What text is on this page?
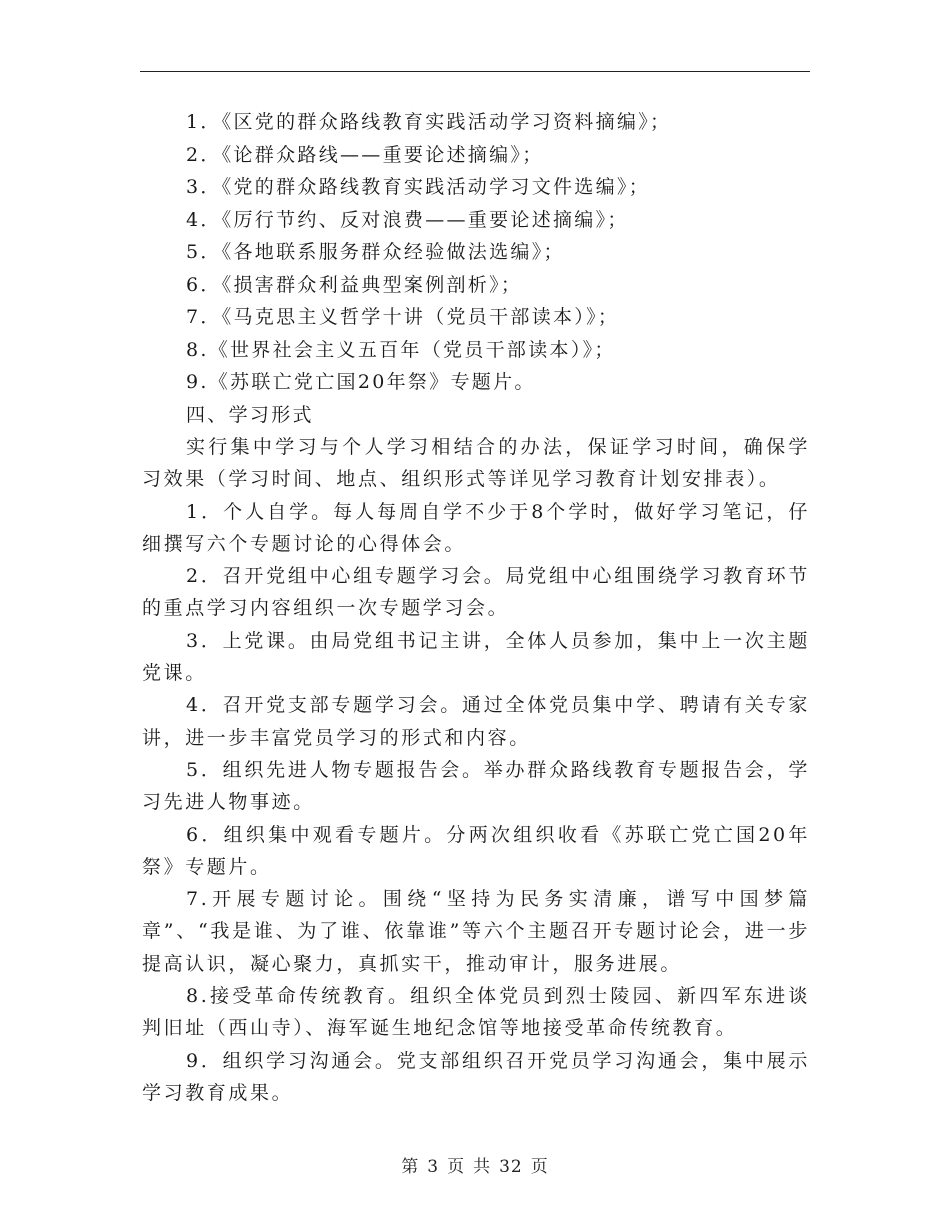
1．《区党的群众路线教育实践活动学习资料摘编》；
2．《论群众路线——重要论述摘编》；
3．《党的群众路线教育实践活动学习文件选编》；
4．《厉行节约、反对浪费——重要论述摘编》；
5．《各地联系服务群众经验做法选编》；
6．《损害群众利益典型案例剖析》；
7．《马克思主义哲学十讲（党员干部读本）》；
8.《世界社会主义五百年（党员干部读本）》；
9.《苏联亡党亡国20年祭》专题片。
四、学习形式

实行集中学习与个人学习相结合的办法，保证学习时间，确保学习效果（学习时间、地点、组织形式等详见学习教育计划安排表）。

1．个人自学。每人每周自学不少于8个学时，做好学习笔记，仔细撰写六个专题讨论的心得体会。

2．召开党组中心组专题学习会。局党组中心组围绕学习教育环节的重点学习内容组织一次专题学习会。

3．上党课。由局党组书记主讲，全体人员参加，集中上一次主题党课。

4．召开党支部专题学习会。通过全体党员集中学、聘请有关专家讲，进一步丰富党员学习的形式和内容。

5．组织先进人物专题报告会。举办群众路线教育专题报告会，学习先进人物事迹。

6．组织集中观看专题片。分两次组织收看《苏联亡党亡国20年祭》专题片。

7.开展专题讨论。围绕“坚持为民务实清廉，谱写中国梦篇章”、“我是谁、为了谁、依靠谁”等六个主题召开专题讨论会，进一步提高认识，凝心聚力，真抓实干，推动审计，服务进展。

8.接受革命传统教育。组织全体党员到烈士陵园、新四军东进谈判旧址（西山寺）、海军诞生地纪念馆等地接受革命传统教育。

9．组织学习沟通会。党支部组织召开党员学习沟通会，集中展示学习教育成果。

第 3 页 共 32 页
